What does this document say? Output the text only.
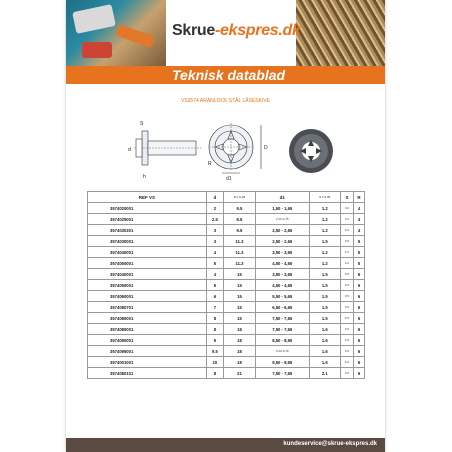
Skrue-ekspres.dk
Teknisk datablad
VS3574 ARANLOCK STÅL LÅSESKIVE
d
h
S
R
d1
D
REF VS	d	D ± 0,20	d1	S ± 0,05	S	R
3574020001	2	9.5	1,50 - 1,65	1.2	0.6	4
3574025001	2.5	8.5	2.00-2.15	1.2	0.2	4
3574030301	3	9.5	2,50 - 2,65	1.2	0.2	4
3574030001	3	11.3	2,50 - 2,65	1.5	0.5	5
3574040001	4	11.3	3,50 - 3,65	1.2	0.2	5
3574050001	5	11.3	4,50 - 4,65	1.2	0.2	5
3574040001	4	15	3,50 - 3,65	1.5	0.5	6
3574050001	5	15	4,50 - 4,65	1.5	0.5	6
3574060001	6	15	5,50 - 5,65	1.5	0.5	6
3574080701	7	15	6,50 - 6,65	1.5	0.5	6
3574080001	8	15	7,50 - 7,65	1.5	0.5	6
3574080001	8	18	7,50 - 7,65	1.6	0.6	6
3574090001	9	18	8,50 - 8,65	1.6	0.6	6
3574095001	9.5	18	9.00-9.15	1.6	0.6	6
3574001001	10	18	9,50 - 9,65	1.6	0.6	6
3574080101	8	21	7,50 - 7,65	2.1	0.6	6
kundeservice@skrue-ekspres.dk
